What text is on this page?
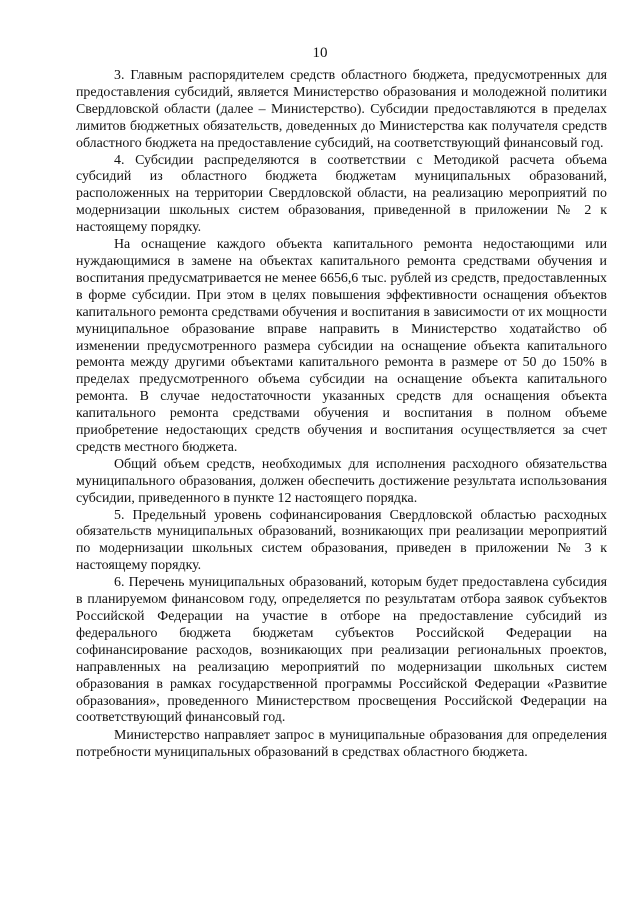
10

3. Главным распорядителем средств областного бюджета, предусмотренных для предоставления субсидий, является Министерство образования и молодежной политики Свердловской области (далее – Министерство). Субсидии предоставляются в пределах лимитов бюджетных обязательств, доведенных до Министерства как получателя средств областного бюджета на предоставление субсидий, на соответствующий финансовый год.

4. Субсидии распределяются в соответствии с Методикой расчета объема субсидий из областного бюджета бюджетам муниципальных образований, расположенных на территории Свердловской области, на реализацию мероприятий по модернизации школьных систем образования, приведенной в приложении № 2 к настоящему порядку.

На оснащение каждого объекта капитального ремонта недостающими или нуждающимися в замене на объектах капитального ремонта средствами обучения и воспитания предусматривается не менее 6656,6 тыс. рублей из средств, предоставленных в форме субсидии. При этом в целях повышения эффективности оснащения объектов капитального ремонта средствами обучения и воспитания в зависимости от их мощности муниципальное образование вправе направить в Министерство ходатайство об изменении предусмотренного размера субсидии на оснащение объекта капитального ремонта между другими объектами капитального ремонта в размере от 50 до 150% в пределах предусмотренного объема субсидии на оснащение объекта капитального ремонта. В случае недостаточности указанных средств для оснащения объекта капитального ремонта средствами обучения и воспитания в полном объеме приобретение недостающих средств обучения и воспитания осуществляется за счет средств местного бюджета.

Общий объем средств, необходимых для исполнения расходного обязательства муниципального образования, должен обеспечить достижение результата использования субсидии, приведенного в пункте 12 настоящего порядка.

5. Предельный уровень софинансирования Свердловской областью расходных обязательств муниципальных образований, возникающих при реализации мероприятий по модернизации школьных систем образования, приведен в приложении № 3 к настоящему порядку.

6. Перечень муниципальных образований, которым будет предоставлена субсидия в планируемом финансовом году, определяется по результатам отбора заявок субъектов Российской Федерации на участие в отборе на предоставление субсидий из федерального бюджета бюджетам субъектов Российской Федерации на софинансирование расходов, возникающих при реализации региональных проектов, направленных на реализацию мероприятий по модернизации школьных систем образования в рамках государственной программы Российской Федерации «Развитие образования», проведенного Министерством просвещения Российской Федерации на соответствующий финансовый год.

Министерство направляет запрос в муниципальные образования для определения потребности муниципальных образований в средствах областного бюджета.
